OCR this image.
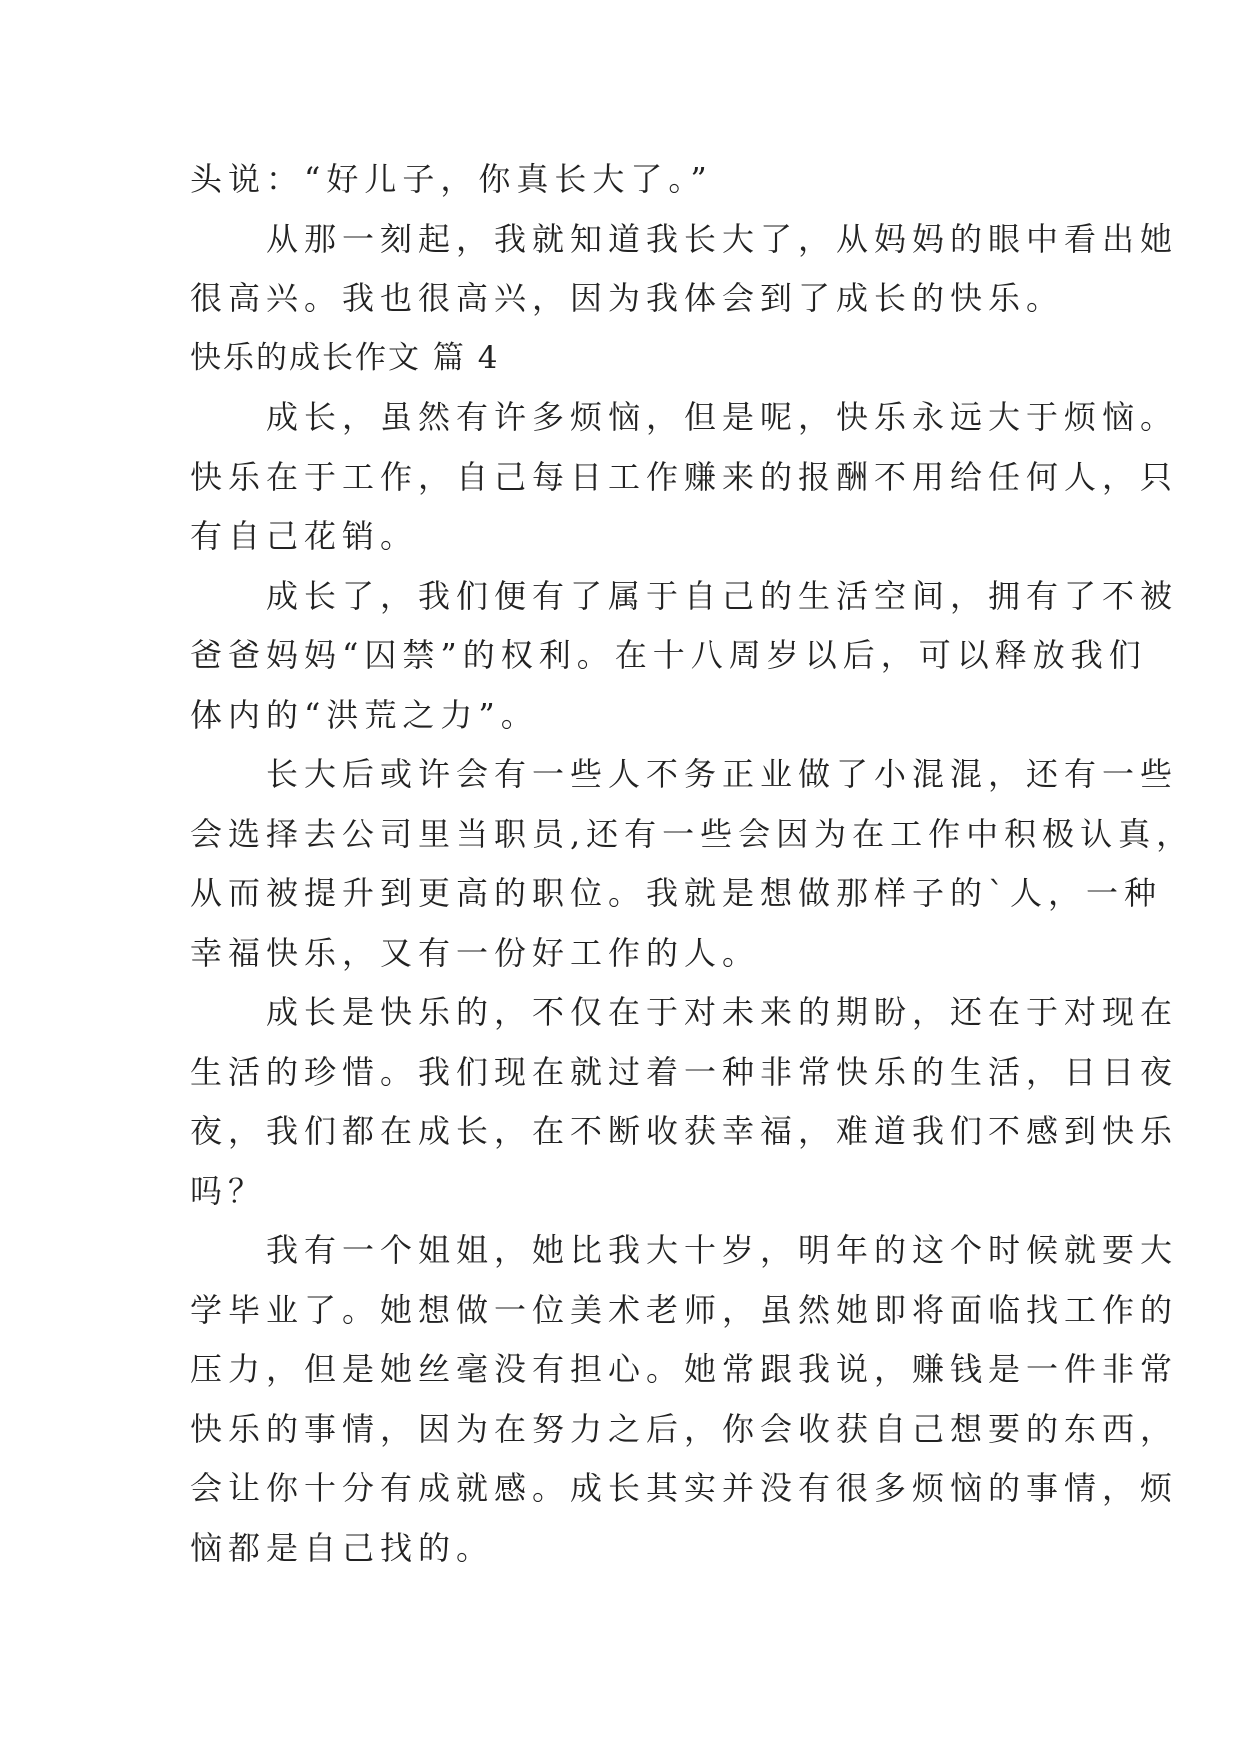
头说：“好儿子，你真长大了。”
从那一刻起，我就知道我长大了，从妈妈的眼中看出她
很高兴。我也很高兴，因为我体会到了成长的快乐。
快乐的成长作文 篇 4
成长，虽然有许多烦恼，但是呢，快乐永远大于烦恼。
快乐在于工作，自己每日工作赚来的报酬不用给任何人，只
有自己花销。
成长了，我们便有了属于自己的生活空间，拥有了不被
爸爸妈妈“囚禁”的权利。在十八周岁以后，可以释放我们
体内的“洪荒之力”。
长大后或许会有一些人不务正业做了小混混，还有一些
会选择去公司里当职员,还有一些会因为在工作中积极认真，
从而被提升到更高的职位。我就是想做那样子的`人，一种
幸福快乐，又有一份好工作的人。
成长是快乐的，不仅在于对未来的期盼，还在于对现在
生活的珍惜。我们现在就过着一种非常快乐的生活，日日夜
夜，我们都在成长，在不断收获幸福，难道我们不感到快乐
吗？
我有一个姐姐，她比我大十岁，明年的这个时候就要大
学毕业了。她想做一位美术老师，虽然她即将面临找工作的
压力，但是她丝毫没有担心。她常跟我说，赚钱是一件非常
快乐的事情，因为在努力之后，你会收获自己想要的东西，
会让你十分有成就感。成长其实并没有很多烦恼的事情，烦
恼都是自己找的。
